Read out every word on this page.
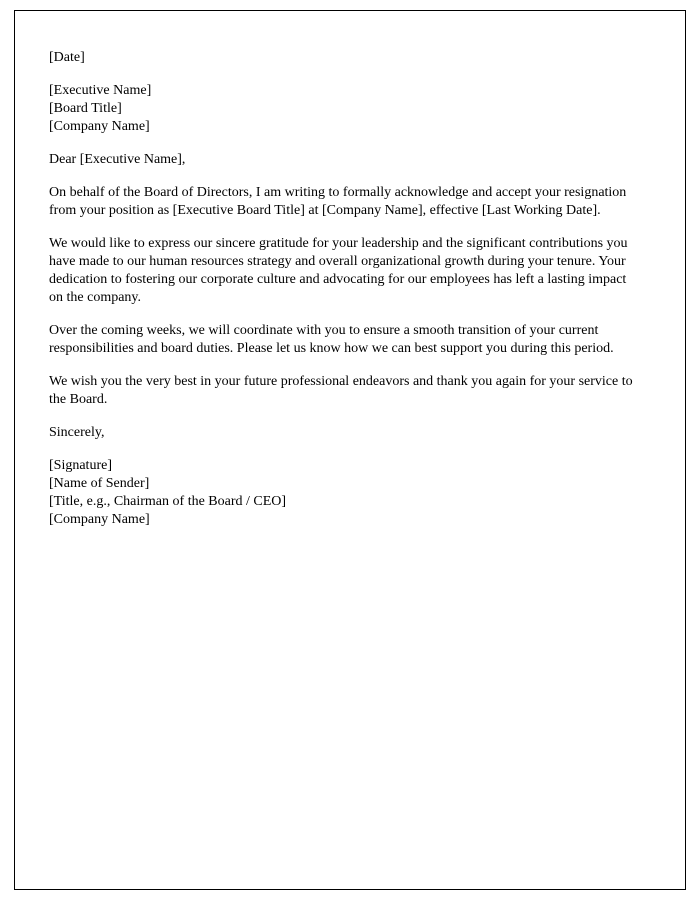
[Date]

[Executive Name]

[Board Title]

[Company Name]

Dear [Executive Name],

On behalf of the Board of Directors, I am writing to formally acknowledge and accept your resignation from your position as [Executive Board Title] at [Company Name], effective [Last Working Date].

We would like to express our sincere gratitude for your leadership and the significant contributions you have made to our human resources strategy and overall organizational growth during your tenure. Your dedication to fostering our corporate culture and advocating for our employees has left a lasting impact on the company.

Over the coming weeks, we will coordinate with you to ensure a smooth transition of your current responsibilities and board duties. Please let us know how we can best support you during this period.

We wish you the very best in your future professional endeavors and thank you again for your service to the Board.

Sincerely,

[Signature]

[Name of Sender]

[Title, e.g., Chairman of the Board / CEO]

[Company Name]
